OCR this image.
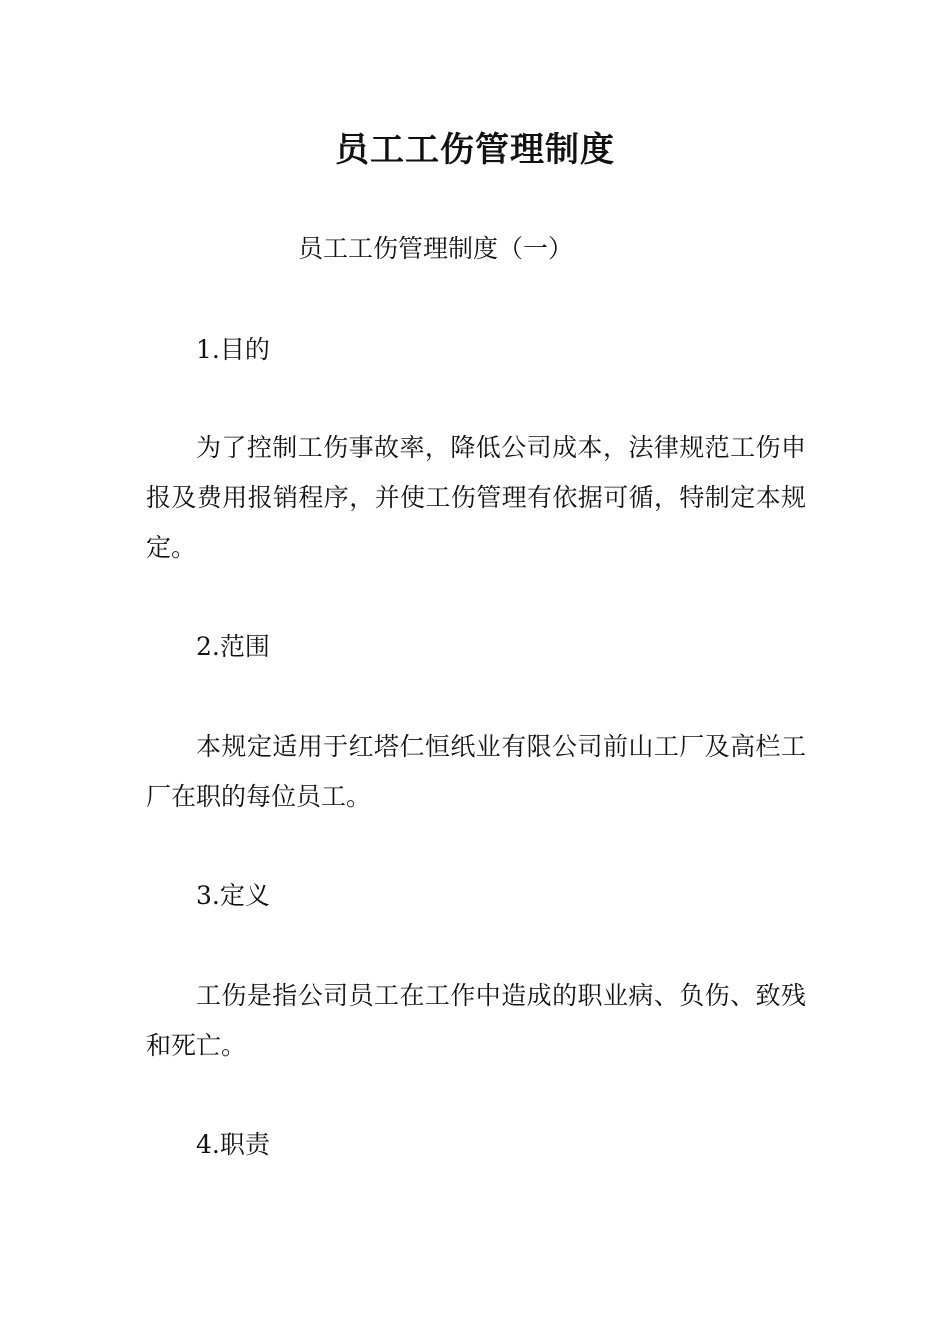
员工工伤管理制度

员工工伤管理制度（一）

1.目的

为了控制工伤事故率，降低公司成本，法律规范工伤申报及费用报销程序，并使工伤管理有依据可循，特制定本规定。

2.范围

本规定适用于红塔仁恒纸业有限公司前山工厂及高栏工厂在职的每位员工。

3.定义

工伤是指公司员工在工作中造成的职业病、负伤、致残和死亡。

4.职责
